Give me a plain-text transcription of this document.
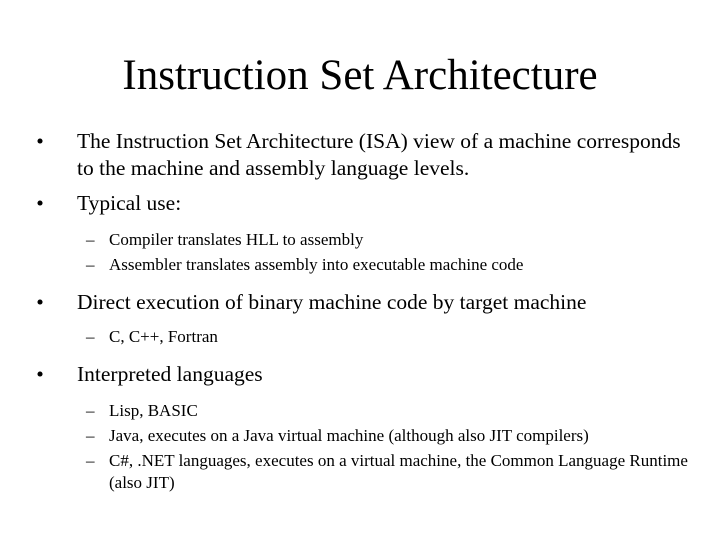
Instruction Set Architecture
• The Instruction Set Architecture (ISA) view of a machine corresponds to the machine and assembly language levels.
• Typical use:
– Compiler translates HLL to assembly
– Assembler translates assembly into executable machine code
• Direct execution of binary machine code by target machine
– C, C++, Fortran
• Interpreted languages
– Lisp, BASIC
– Java, executes on a Java virtual machine (although also JIT compilers)
– C#, .NET languages, executes on a virtual machine, the Common Language Runtime (also JIT)
